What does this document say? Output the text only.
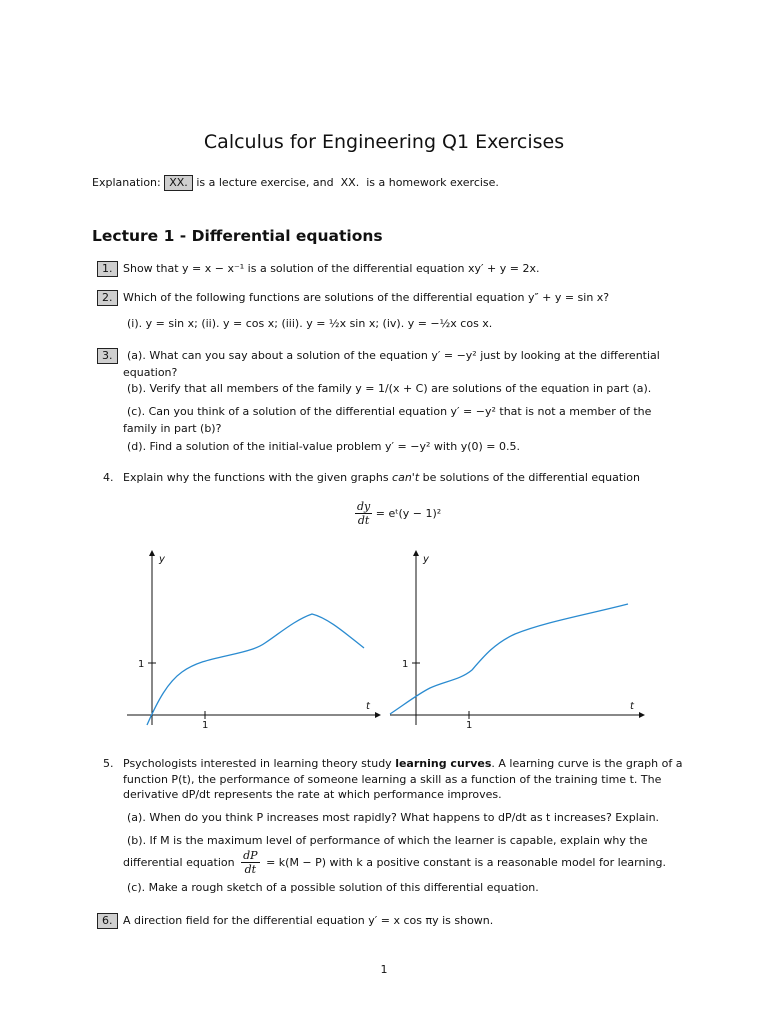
Calculus for Engineering Q1 Exercises
Explanation: XX. is a lecture exercise, and XX. is a homework exercise.
Lecture 1 - Differential equations
1. Show that y = x − x⁻¹ is a solution of the differential equation xy′ + y = 2x.
2. Which of the following functions are solutions of the differential equation y″ + y = sin x?
(i). y = sin x; (ii). y = cos x; (iii). y = ½x sin x; (iv). y = −½x cos x.
3.	(a). What can you say about a solution of the equation y′ = −y² just by looking at the differential
equation?
(b). Verify that all members of the family y = 1/(x + C) are solutions of the equation in part (a).
(c). Can you think of a solution of the differential equation y′ = −y² that is not a member of the
family in part (b)?
(d). Find a solution of the initial-value problem y′ = −y² with y(0) = 0.5.
4. Explain why the functions with the given graphs can't be solutions of the differential equation
$\frac{dy}{dt}$ = eᵗ(y − 1)²
y
t
1
1
y
t
1
1
5. Psychologists interested in learning theory study learning curves. A learning curve is the graph of a
function P(t), the performance of someone learning a skill as a function of the training time t. The
derivative dP/dt represents the rate at which performance improves.
(a). When do you think P increases most rapidly? What happens to dP/dt as t increases? Explain.
(b). If M is the maximum level of performance of which the learner is capable, explain why the
differential equation $\frac{dP}{dt} = k(M - P)$ with k a positive constant is a reasonable model for learning.
(c). Make a rough sketch of a possible solution of this differential equation.
6. A direction field for the differential equation y′ = x cos πy is shown.
1
